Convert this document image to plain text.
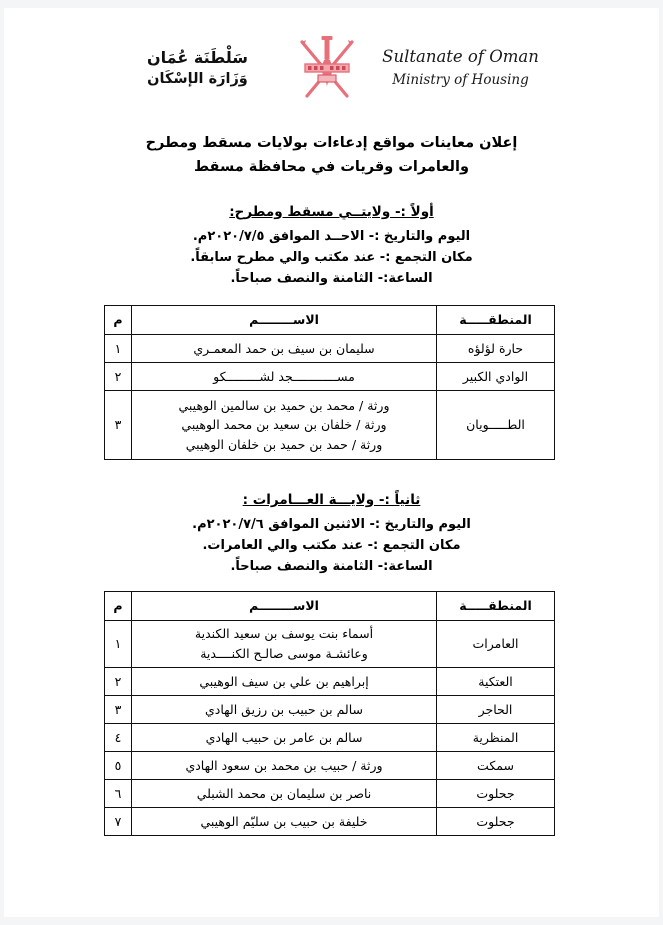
سَلْطَنَة عُمَان
وَزَارَة الإسْكَان
Sultanate of Oman
Ministry of Housing
إعلان معاينات مواقع إدعاءات بولايات مسقط ومطرح
والعامرات وقريات في محافظة مسقط
أولاً :- ولايتــي مسقط ومطرح:
اليوم والتاريخ :- الاحــد الموافق ٢٠٢٠/٧/٥م.
مكان التجمع :- عند مكتب والي مطرح سابقاً.
الساعة:- الثامنة والنصف صباحاً.
المنطقـــــة	الاســــــــم	م
حارة لؤلؤه	سليمان بن سيف بن حمد المعمـري	١
الوادي الكبير	مســــــــــــجد لشـــــــــكو	٢
الطـــــويان	ورثة / محمد بن حميد بن سالمين الوهيبي
ورثة / خلفان بن سعيد بن محمد الوهيبي
ورثة / حمد بن حميد بن خلفان الوهيبي	٣
ثانياً :- ولايـــة العـــامرات :
اليوم والتاريخ :- الاثنين الموافق ٢٠٢٠/٧/٦م.
مكان التجمع :- عند مكتب والي العامرات.
الساعة:- الثامنة والنصف صباحاً.
المنطقـــــة	الاســــــــم	م
العامرات	أسماء بنت يوسف بن سعيد الكندية
وعائشـة موسى صالـح الكنــــدية	١
العتكية	إبراهيم بن علي بن سيف الوهيبي	٢
الحاجر	سالم بن حبيب بن رزيق الهادي	٣
المنظرية	سالم بن عامر بن حبيب الهادي	٤
سمكت	ورثة / حبيب بن محمد بن سعود الهادي	٥
جحلوت	ناصر بن سليمان بن محمد الشبلي	٦
جحلوت	خليفة بن حبيب بن سليّم الوهيبي	٧
